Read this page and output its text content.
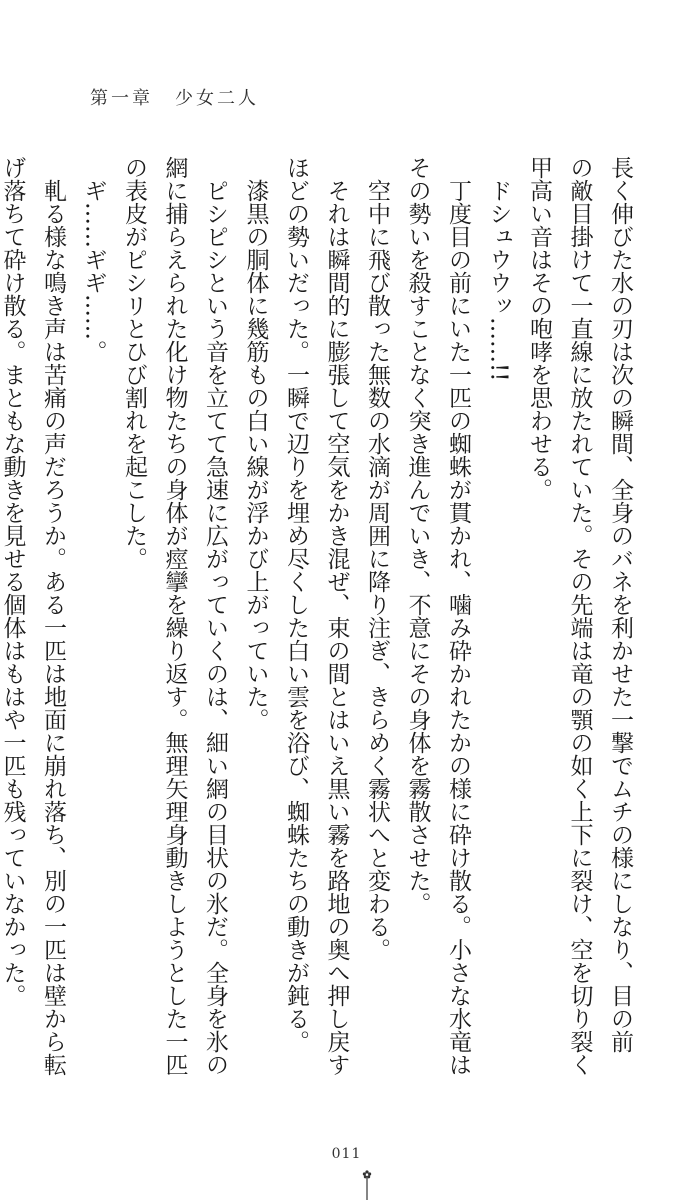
第一章 少女二人

長く伸びた水の刃は次の瞬間、全身のバネを利かせた一撃でムチの様にしなり、目の前

の敵目掛けて一直線に放たれていた。その先端は竜の顎の如く上下に裂け、空を切り裂く

甲高い音はその咆哮を思わせる。

ドシュウウッ……!!

丁度目の前にいた一匹の蜘蛛が貫かれ、噛み砕かれたかの様に砕け散る。小さな水竜は

その勢いを殺すことなく突き進んでいき、不意にその身体を霧散させた。

空中に飛び散った無数の水滴が周囲に降り注ぎ、きらめく霧状へと変わる。

それは瞬間的に膨張して空気をかき混ぜ、束の間とはいえ黒い霧を路地の奥へ押し戻す

ほどの勢いだった。一瞬で辺りを埋め尽くした白い雲を浴び、蜘蛛たちの動きが鈍る。

漆黒の胴体に幾筋もの白い線が浮かび上がっていた。

ピシピシという音を立てて急速に広がっていくのは、細い網の目状の氷だ。全身を氷の

網に捕らえられた化け物たちの身体が痙攣を繰り返す。無理矢理身動きしようとした一匹

の表皮がピシリとひび割れを起こした。

ギ……ギギ……。

軋る様な鳴き声は苦痛の声だろうか。ある一匹は地面に崩れ落ち、別の一匹は壁から転

げ落ちて砕け散る。まともな動きを見せる個体はもはや一匹も残っていなかった。

011
